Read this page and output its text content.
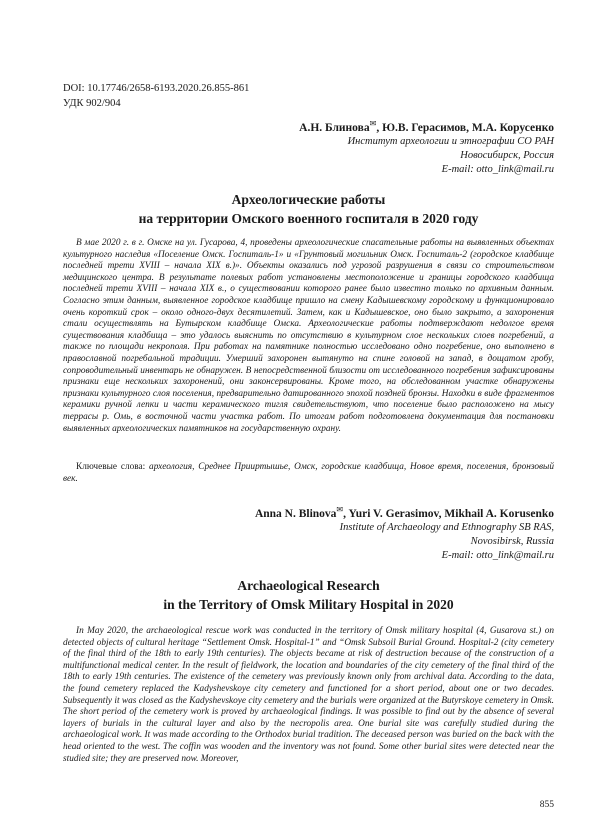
DOI: 10.17746/2658-6193.2020.26.855-861
УДК 902/904
А.Н. Блинова✉, Ю.В. Герасимов, М.А. Корусенко
Институт археологии и этнографии СО РАН
Новосибирск, Россия
E-mail: otto_link@mail.ru
Археологические работы
на территории Омского военного госпиталя в 2020 году

В мае 2020 г. в г. Омске на ул. Гусарова, 4, проведены археологические спасательные работы на выявленных объектах культурного наследия «Поселение Омск. Госпиталь-1» и «Грунтовый могильник Омск. Госпиталь-2 (городское кладбище последней трети XVIII – начала XIX в.)». Объекты оказались под угрозой разрушения в связи со строительством медицинского центра. В результате полевых работ установлены местоположение и границы городского кладбища последней трети XVIII – начала XIX в., о существовании которого ранее было известно только по архивным данным. Согласно этим данным, выявленное городское кладбище пришло на смену Кадышевскому городскому и функционировало очень короткий срок – около одного-двух десятилетий. Затем, как и Кадышевское, оно было закрыто, а захоронения стали осуществлять на Бутырском кладбище Омска. Археологические работы подтверждают недолгое время существования кладбища – это удалось выяснить по отсутствию в культурном слое нескольких слоев погребений, а также по площади некрополя. При работах на памятнике полностью исследовано одно погребение, оно выполнено в православной погребальной традиции. Умерший захоронен вытянуто на спине головой на запад, в дощатом гробу, сопроводительный инвентарь не обнаружен. В непосредственной близости от исследованного погребения зафиксированы признаки еще нескольких захоронений, они законсервированы. Кроме того, на обследованном участке обнаружены признаки культурного слоя поселения, предварительно датированного эпохой поздней бронзы. Находки в виде фрагментов керамики ручной лепки и части керамического тигля свидетельствуют, что поселение было расположено на мысу террасы р. Омь, в восточной части участка работ. По итогам работ подготовлена документация для постановки выявленных археологических памятников на государственную охрану.

Ключевые слова: археология, Среднее Прииртышье, Омск, городские кладбища, Новое время, поселения, бронзовый век.

Anna N. Blinova✉, Yuri V. Gerasimov, Mikhail A. Korusenko
Institute of Archaeology and Ethnography SB RAS,
Novosibirsk, Russia
E-mail: otto_link@mail.ru
Archaeological Research
in the Territory of Omsk Military Hospital in 2020

In May 2020, the archaeological rescue work was conducted in the territory of Omsk military hospital (4, Gusarova st.) on detected objects of cultural heritage “Settlement Omsk. Hospital-1” and “Omsk Subsoil Burial Ground. Hospital-2 (city cemetery of the final third of the 18th to early 19th centuries). The objects became at risk of destruction because of the construction of a multifunctional medical center. In the result of fieldwork, the location and boundaries of the city cemetery of the final third of the 18th to early 19th centuries. The existence of the cemetery was previously known only from archival data. According to the data, the found cemetery replaced the Kadyshevskoye city cemetery and functioned for a short period, about one or two decades. Subsequently it was closed as the Kadyshevskoye city cemetery and the burials were organized at the Butyrskoye cemetery in Omsk. The short period of the cemetery work is proved by archaeological findings. It was possible to find out by the absence of several layers of burials in the cultural layer and also by the necropolis area. One burial site was carefully studied during the archaeological work. It was made according to the Orthodox burial tradition. The deceased person was buried on the back with the head oriented to the west. The coffin was wooden and the inventory was not found. Some other burial sites were detected near the studied site; they are preserved now. Moreover,

855
